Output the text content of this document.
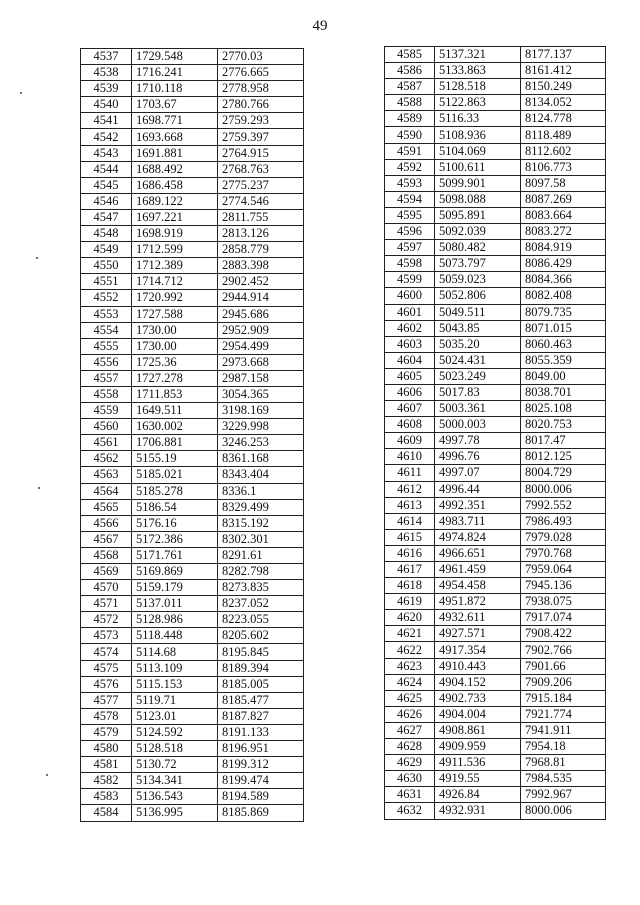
49
4537	1729.548	2770.03
4538	1716.241	2776.665
4539	1710.118	2778.958
4540	1703.67	2780.766
4541	1698.771	2759.293
4542	1693.668	2759.397
4543	1691.881	2764.915
4544	1688.492	2768.763
4545	1686.458	2775.237
4546	1689.122	2774.546
4547	1697.221	2811.755
4548	1698.919	2813.126
4549	1712.599	2858.779
4550	1712.389	2883.398
4551	1714.712	2902.452
4552	1720.992	2944.914
4553	1727.588	2945.686
4554	1730.00	2952.909
4555	1730.00	2954.499
4556	1725.36	2973.668
4557	1727.278	2987.158
4558	1711.853	3054.365
4559	1649.511	3198.169
4560	1630.002	3229.998
4561	1706.881	3246.253
4562	5155.19	8361.168
4563	5185.021	8343.404
4564	5185.278	8336.1
4565	5186.54	8329.499
4566	5176.16	8315.192
4567	5172.386	8302.301
4568	5171.761	8291.61
4569	5169.869	8282.798
4570	5159.179	8273.835
4571	5137.011	8237.052
4572	5128.986	8223.055
4573	5118.448	8205.602
4574	5114.68	8195.845
4575	5113.109	8189.394
4576	5115.153	8185.005
4577	5119.71	8185.477
4578	5123.01	8187.827
4579	5124.592	8191.133
4580	5128.518	8196.951
4581	5130.72	8199.312
4582	5134.341	8199.474
4583	5136.543	8194.589
4584	5136.995	8185.869
4585	5137.321	8177.137
4586	5133.863	8161.412
4587	5128.518	8150.249
4588	5122.863	8134.052
4589	5116.33	8124.778
4590	5108.936	8118.489
4591	5104.069	8112.602
4592	5100.611	8106.773
4593	5099.901	8097.58
4594	5098.088	8087.269
4595	5095.891	8083.664
4596	5092.039	8083.272
4597	5080.482	8084.919
4598	5073.797	8086.429
4599	5059.023	8084.366
4600	5052.806	8082.408
4601	5049.511	8079.735
4602	5043.85	8071.015
4603	5035.20	8060.463
4604	5024.431	8055.359
4605	5023.249	8049.00
4606	5017.83	8038.701
4607	5003.361	8025.108
4608	5000.003	8020.753
4609	4997.78	8017.47
4610	4996.76	8012.125
4611	4997.07	8004.729
4612	4996.44	8000.006
4613	4992.351	7992.552
4614	4983.711	7986.493
4615	4974.824	7979.028
4616	4966.651	7970.768
4617	4961.459	7959.064
4618	4954.458	7945.136
4619	4951.872	7938.075
4620	4932.611	7917.074
4621	4927.571	7908.422
4622	4917.354	7902.766
4623	4910.443	7901.66
4624	4904.152	7909.206
4625	4902.733	7915.184
4626	4904.004	7921.774
4627	4908.861	7941.911
4628	4909.959	7954.18
4629	4911.536	7968.81
4630	4919.55	7984.535
4631	4926.84	7992.967
4632	4932.931	8000.006
